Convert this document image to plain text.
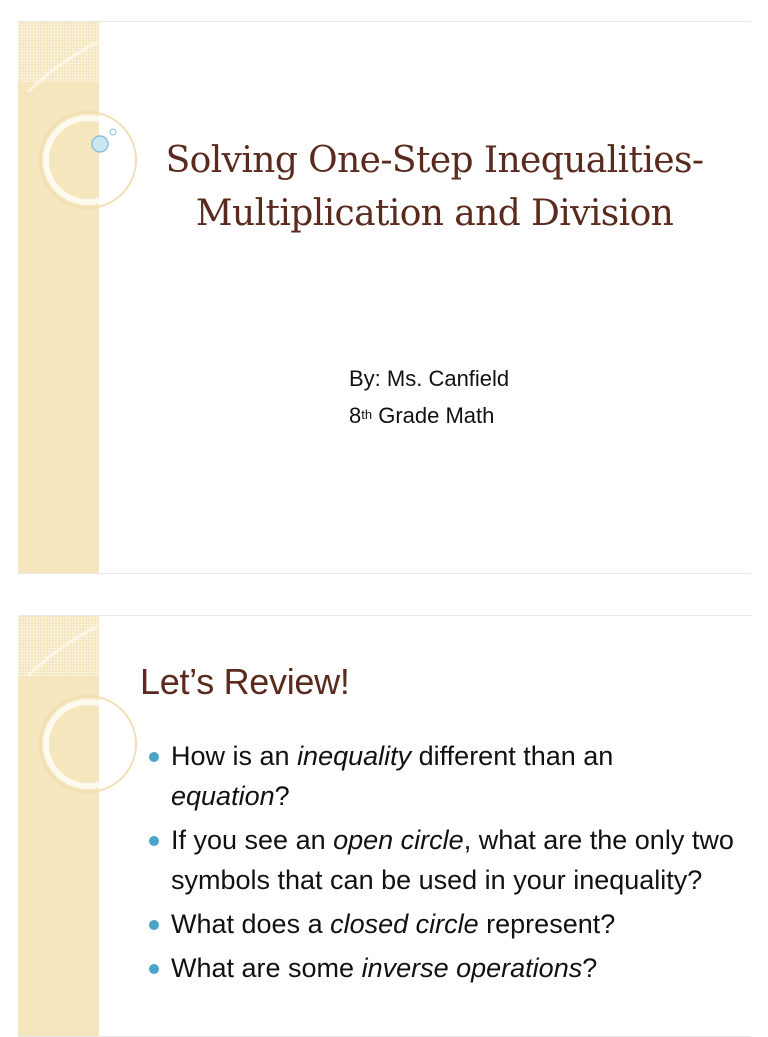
Solving One-Step Inequalities-
Multiplication and Division
By: Ms. Canfield
8th Grade Math
Let’s Review!
How is an inequality different than an equation?
If you see an open circle, what are the only two symbols that can be used in your inequality?
What does a closed circle represent?
What are some inverse operations?
